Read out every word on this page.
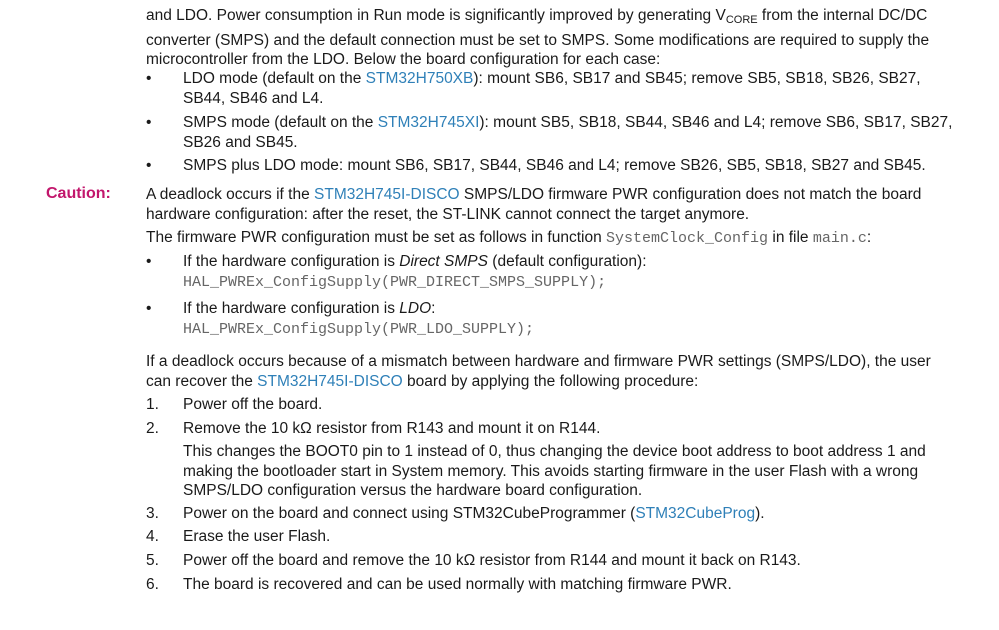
and LDO. Power consumption in Run mode is significantly improved by generating $V_{CORE}$ from the internal DC/DC converter (SMPS) and the default connection must be set to SMPS. Some modifications are required to supply the microcontroller from the LDO. Below the board configuration for each case:

•	LDO mode (default on the STM32H750XB): mount SB6, SB17 and SB45; remove SB5, SB18, SB26, SB27, SB44, SB46 and L4.
•	SMPS mode (default on the STM32H745XI): mount SB5, SB18, SB44, SB46 and L4; remove SB6, SB17, SB27, SB26 and SB45.
•	SMPS plus LDO mode: mount SB6, SB17, SB44, SB46 and L4; remove SB26, SB5, SB18, SB27 and SB45.
Caution: A deadlock occurs if the STM32H745I-DISCO SMPS/LDO firmware PWR configuration does not match the board hardware configuration: after the reset, the ST-LINK cannot connect the target anymore.

The firmware PWR configuration must be set as follows in function SystemClock_Config in file main.c:

•	If the hardware configuration is Direct SMPS (default configuration):
HAL_PWREx_ConfigSupply(PWR_DIRECT_SMPS_SUPPLY);
•	If the hardware configuration is LDO:
HAL_PWREx_ConfigSupply(PWR_LDO_SUPPLY);

If a deadlock occurs because of a mismatch between hardware and firmware PWR settings (SMPS/LDO), the user can recover the STM32H745I-DISCO board by applying the following procedure:

1.	Power off the board.
2.	Remove the 10 kΩ resistor from R143 and mount it on R144.
This changes the BOOT0 pin to 1 instead of 0, thus changing the device boot address to boot address 1 and making the bootloader start in System memory. This avoids starting firmware in the user Flash with a wrong SMPS/LDO configuration versus the hardware board configuration.
3.	Power on the board and connect using STM32CubeProgrammer (STM32CubeProg).
4.	Erase the user Flash.
5.	Power off the board and remove the 10 kΩ resistor from R144 and mount it back on R143.
6.	The board is recovered and can be used normally with matching firmware PWR.
